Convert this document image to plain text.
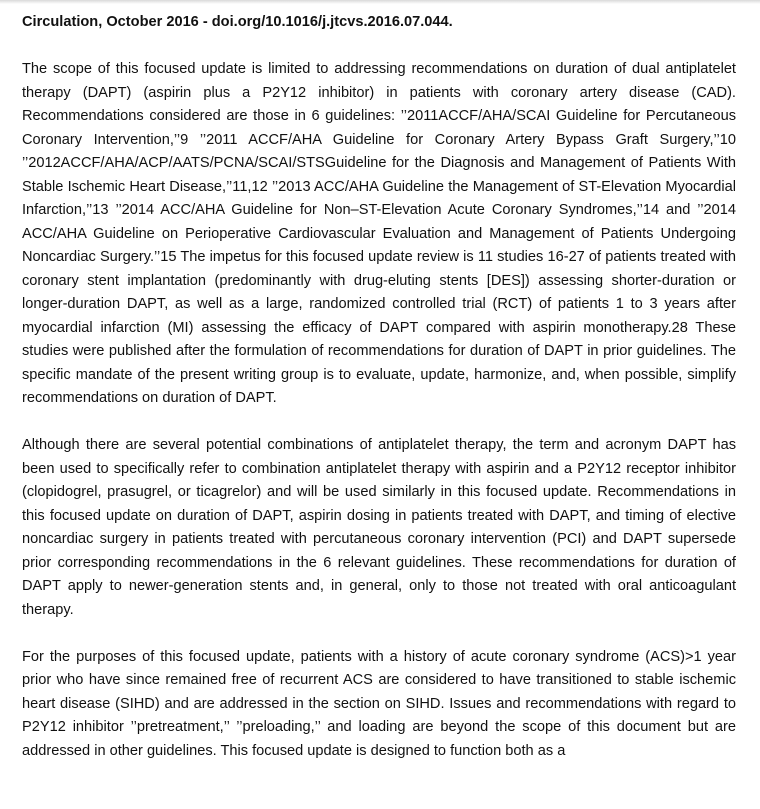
Circulation, October 2016 - doi.org/10.1016/j.jtcvs.2016.07.044.

The scope of this focused update is limited to addressing recommendations on duration of dual antiplatelet therapy (DAPT) (aspirin plus a P2Y12 inhibitor) in patients with coronary artery disease (CAD). Recommendations considered are those in 6 guidelines: ’’2011ACCF/AHA/SCAI Guideline for Percutaneous Coronary Intervention,’’9 ’’2011 ACCF/AHA Guideline for Coronary Artery Bypass Graft Surgery,’’10 ’’2012ACCF/AHA/ACP/AATS/PCNA/SCAI/STSGuideline for the Diagnosis and Management of Patients With Stable Ischemic Heart Disease,’’11,12 ’’2013 ACC/AHA Guideline the Management of ST-Elevation Myocardial Infarction,’’13 ’’2014 ACC/AHA Guideline for Non–ST-Elevation Acute Coronary Syndromes,’’14 and ’’2014 ACC/AHA Guideline on Perioperative Cardiovascular Evaluation and Management of Patients Undergoing Noncardiac Surgery.’’15 The impetus for this focused update review is 11 studies 16-27 of patients treated with coronary stent implantation (predominantly with drug-eluting stents [DES]) assessing shorter-duration or longer-duration DAPT, as well as a large, randomized controlled trial (RCT) of patients 1 to 3 years after myocardial infarction (MI) assessing the efficacy of DAPT compared with aspirin monotherapy.28 These studies were published after the formulation of recommendations for duration of DAPT in prior guidelines. The specific mandate of the present writing group is to evaluate, update, harmonize, and, when possible, simplify recommendations on duration of DAPT.

Although there are several potential combinations of antiplatelet therapy, the term and acronym DAPT has been used to specifically refer to combination antiplatelet therapy with aspirin and a P2Y12 receptor inhibitor (clopidogrel, prasugrel, or ticagrelor) and will be used similarly in this focused update. Recommendations in this focused update on duration of DAPT, aspirin dosing in patients treated with DAPT, and timing of elective noncardiac surgery in patients treated with percutaneous coronary intervention (PCI) and DAPT supersede prior corresponding recommendations in the 6 relevant guidelines. These recommendations for duration of DAPT apply to newer-generation stents and, in general, only to those not treated with oral anticoagulant therapy.

For the purposes of this focused update, patients with a history of acute coronary syndrome (ACS)>1 year prior who have since remained free of recurrent ACS are considered to have transitioned to stable ischemic heart disease (SIHD) and are addressed in the section on SIHD. Issues and recommendations with regard to P2Y12 inhibitor ’’pretreatment,’’ ’’preloading,’’ and loading are beyond the scope of this document but are addressed in other guidelines. This focused update is designed to function both as a
